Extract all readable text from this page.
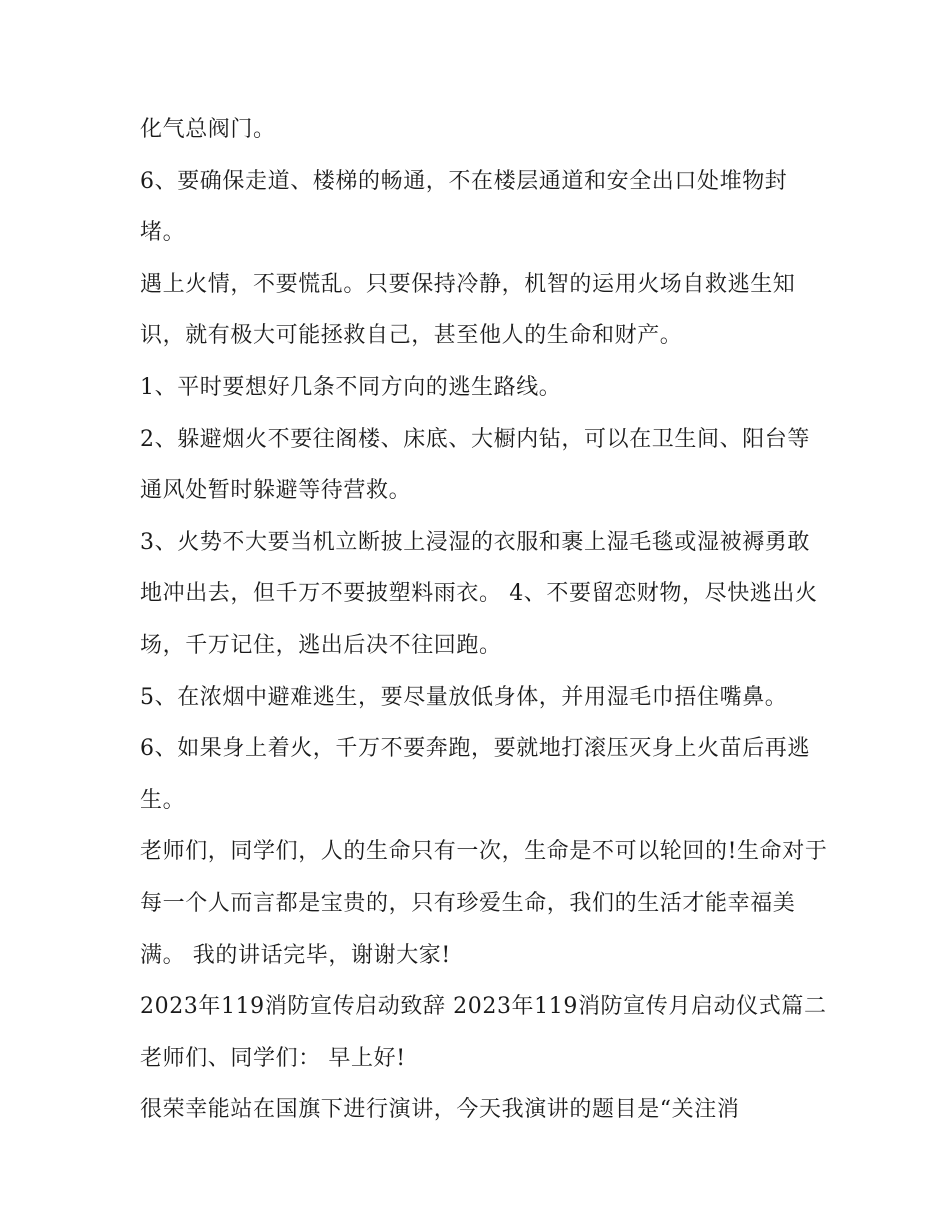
化气总阀门。

6、要确保走道、楼梯的畅通，不在楼层通道和安全出口处堆物封堵。

遇上火情，不要慌乱。只要保持冷静，机智的运用火场自救逃生知识，就有极大可能拯救自己，甚至他人的生命和财产。

1、平时要想好几条不同方向的逃生路线。

2、躲避烟火不要往阁楼、床底、大橱内钻，可以在卫生间、阳台等通风处暂时躲避等待营救。

3、火势不大要当机立断披上浸湿的衣服和裹上湿毛毯或湿被褥勇敢地冲出去，但千万不要披塑料雨衣。 4、不要留恋财物，尽快逃出火场，千万记住，逃出后决不往回跑。

5、在浓烟中避难逃生，要尽量放低身体，并用湿毛巾捂住嘴鼻。 6、如果身上着火，千万不要奔跑，要就地打滚压灭身上火苗后再逃生。

老师们，同学们，人的生命只有一次，生命是不可以轮回的!生命对于每一个人而言都是宝贵的，只有珍爱生命，我们的生活才能幸福美满。 我的讲话完毕，谢谢大家!

2023年119消防宣传启动致辞 2023年119消防宣传月启动仪式篇二 老师们、同学们： 早上好!

很荣幸能站在国旗下进行演讲，今天我演讲的题目是“关注消
